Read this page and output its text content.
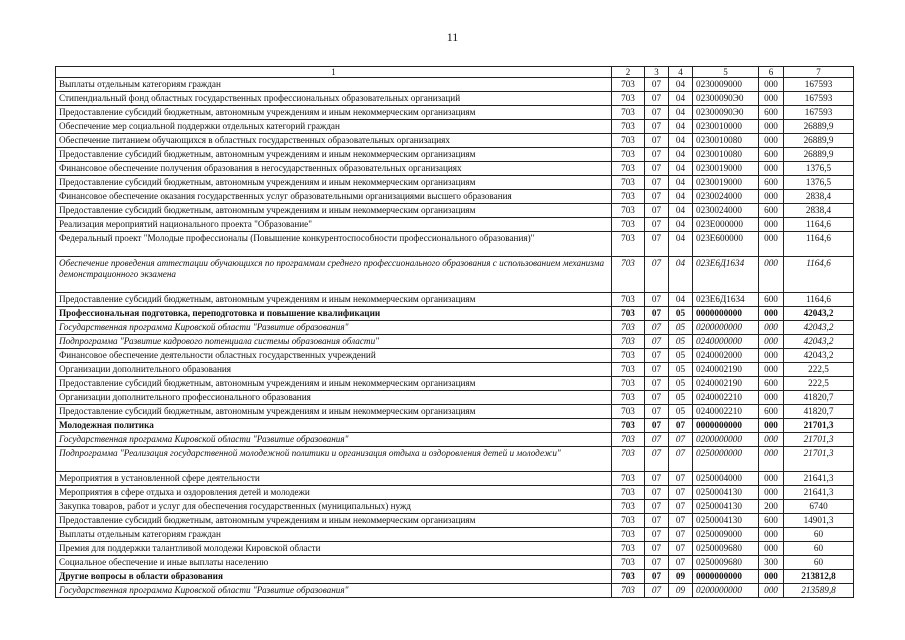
11
1	2	3	4	5	6	7
Выплаты отдельным категориям граждан	703	07	04	0230009000	000	167593
Стипендиальный фонд областных государственных профессиональных образовательных организаций	703	07	04	02300090Э0	000	167593
Предоставление субсидий бюджетным, автономным учреждениям и иным некоммерческим организациям	703	07	04	02300090Э0	600	167593
Обеспечение мер социальной поддержки отдельных категорий граждан	703	07	04	0230010000	000	26889,9
Обеспечение питанием обучающихся в областных государственных образовательных организациях	703	07	04	0230010080	000	26889,9
Предоставление субсидий бюджетным, автономным учреждениям и иным некоммерческим организациям	703	07	04	0230010080	600	26889,9
Финансовое обеспечение получения образования в негосударственных образовательных организациях	703	07	04	0230019000	000	1376,5
Предоставление субсидий бюджетным, автономным учреждениям и иным некоммерческим организациям	703	07	04	0230019000	600	1376,5
Финансовое обеспечение оказания государственных услуг образовательными организациями высшего образования	703	07	04	0230024000	000	2838,4
Предоставление субсидий бюджетным, автономным учреждениям и иным некоммерческим организациям	703	07	04	0230024000	600	2838,4
Реализация мероприятий национального проекта "Образование"	703	07	04	023E000000	000	1164,6
Федеральный проект "Молодые профессионалы (Повышение конкурентоспособности профессионального образования)"	703	07	04	023E600000	000	1164,6
Обеспечение проведения аттестации обучающихся по программам среднего профессионального образования с использованием механизма демонстрационного экзамена	703	07	04	023Е6Д1634	000	1164,6
Предоставление субсидий бюджетным, автономным учреждениям и иным некоммерческим организациям	703	07	04	023Е6Д1634	600	1164,6
Профессиональная подготовка, переподготовка и повышение квалификации	703	07	05	0000000000	000	42043,2
Государственная программа Кировской области "Развитие образования"	703	07	05	0200000000	000	42043,2
Подпрограмма "Развитие кадрового потенциала системы образования области"	703	07	05	0240000000	000	42043,2
Финансовое обеспечение деятельности областных государственных учреждений	703	07	05	0240002000	000	42043,2
Организации дополнительного образования	703	07	05	0240002190	000	222,5
Предоставление субсидий бюджетным, автономным учреждениям и иным некоммерческим организациям	703	07	05	0240002190	600	222,5
Организации дополнительного профессионального образования	703	07	05	0240002210	000	41820,7
Предоставление субсидий бюджетным, автономным учреждениям и иным некоммерческим организациям	703	07	05	0240002210	600	41820,7
Молодежная политика	703	07	07	0000000000	000	21701,3
Государственная программа Кировской области "Развитие образования"	703	07	07	0200000000	000	21701,3
Подпрограмма "Реализация государственной молодежной политики и организация отдыха и оздоровления детей и молодежи"	703	07	07	0250000000	000	21701,3
Мероприятия в установленной сфере деятельности	703	07	07	0250004000	000	21641,3
Мероприятия в сфере отдыха и оздоровления детей и молодежи	703	07	07	0250004130	000	21641,3
Закупка товаров, работ и услуг для обеспечения государственных (муниципальных) нужд	703	07	07	0250004130	200	6740
Предоставление субсидий бюджетным, автономным учреждениям и иным некоммерческим организациям	703	07	07	0250004130	600	14901,3
Выплаты отдельным категориям граждан	703	07	07	0250009000	000	60
Премия для поддержки талантливой молодежи Кировской области	703	07	07	0250009680	000	60
Социальное обеспечение и иные выплаты населению	703	07	07	0250009680	300	60
Другие вопросы в области образования	703	07	09	0000000000	000	213812,8
Государственная программа Кировской области "Развитие образования"	703	07	09	0200000000	000	213589,8
